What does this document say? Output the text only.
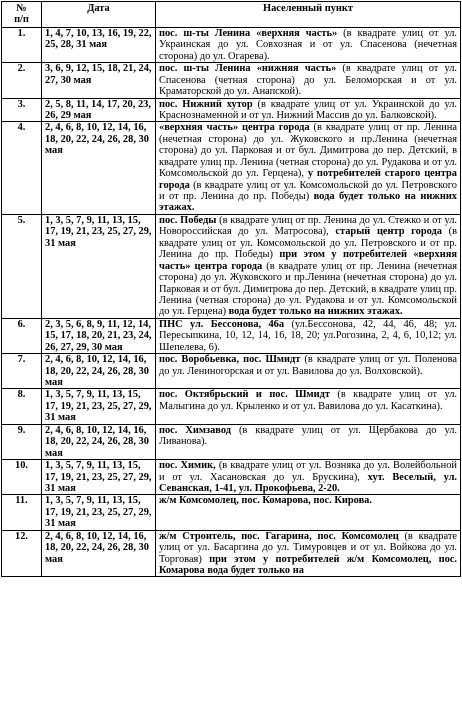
№
п/п	Дата	Населенный пункт
1.	1, 4, 7, 10, 13, 16, 19, 22, 25, 28, 31 мая	пос. ш-ты Ленина «верхняя часть» (в квадрате улиц от ул. Украинская до ул. Совхозная и от ул. Спасенова (нечетная сторона) до ул. Огарева).
2.	3, 6, 9, 12, 15, 18, 21, 24, 27, 30 мая	пос. ш-ты Ленина «нижняя часть» (в квадрате улиц от ул. Спасенова (четная сторона) до ул. Беломорская и от ул. Краматорской до ул. Анапской).
3.	2, 5, 8, 11, 14, 17, 20, 23, 26, 29 мая	пос. Нижний хутор (в квадрате улиц от ул. Украинской до ул. Краснознаменной и от ул. Нижний Массив до ул. Балковской).
4.	2, 4, 6, 8, 10, 12, 14, 16, 18, 20, 22, 24, 26, 28, 30 мая	«верхняя часть» центра города (в квадрате улиц от пр. Ленина (нечетная сторона) до ул. Жуковского и пр.Ленина (нечетная сторона) до ул. Парковая и от бул. Димитрова до пер. Детский, в квадрате улиц пр. Ленина (четная сторона) до ул. Рудакова и от ул. Комсомольской до ул. Герцена), у потребителей старого центра города (в квадрате улиц от ул. Комсомольской до ул. Петровского и от пр. Ленина до пр. Победы) вода будет только на нижних этажах.
5.	1, 3, 5, 7, 9, 11, 13, 15, 17, 19, 21, 23, 25, 27, 29, 31 мая	пос. Победы (в квадрате улиц от пр. Ленина до ул. Стежко и от ул. Новороссийская до ул. Матросова), старый центр города (в квадрате улиц от ул. Комсомольской до ул. Петровского и от пр. Ленина до пр. Победы) при этом у потребителей «верхняя часть» центра города (в квадрате улиц от пр. Ленина (нечетная сторона) до ул. Жуковского и пр.Ленина (нечетная сторона) до ул. Парковая и от бул. Димитрова до пер. Детский, в квадрате улиц пр. Ленина (четная сторона) до ул. Рудакова и от ул. Комсомольской до ул. Герцена) вода будет только на нижних этажах.
6.	2, 3, 5, 6, 8, 9, 11, 12, 14, 15, 17, 18, 20, 21, 23, 24, 26, 27, 29, 30 мая	ПНС ул. Бессонова, 46а (ул.Бессонова, 42, 44, 46, 48; ул. Пересыпкина, 10, 12, 14, 16, 18, 20; ул.Рогозина, 2, 4, 6, 10,12; ул. Шепелева, 6).
7.	2, 4, 6, 8, 10, 12, 14, 16, 18, 20, 22, 24, 26, 28, 30 мая	пос. Воробьевка, пос. Шмидт (в квадрате улиц от ул. Поленова до ул. Лениногорская и от ул. Вавилова до ул. Волховской).
8.	1, 3, 5, 7, 9, 11, 13, 15, 17, 19, 21, 23, 25, 27, 29, 31 мая	пос. Октябрьский и пос. Шмидт (в квадрате улиц от ул. Малыгина до ул. Крыленко и от ул. Вавилова до ул. Касаткина).
9.	2, 4, 6, 8, 10, 12, 14, 16, 18, 20, 22, 24, 26, 28, 30 мая	пос. Химзавод (в квадрате улиц от ул. Щербакова до ул. Ливанова).
10.	1, 3, 5, 7, 9, 11, 13, 15, 17, 19, 21, 23, 25, 27, 29, 31 мая	пос. Химик, (в квадрате улиц от ул. Возняка до ул. Волейбольной и от ул. Хасановская до ул. Брускина), хут. Веселый, ул. Севанская, 1-41, ул. Прокофьева, 2-20.
11.	1, 3, 5, 7, 9, 11, 13, 15, 17, 19, 21, 23, 25, 27, 29, 31 мая	ж/м Комсомолец, пос. Комарова, пос. Кирова.
12.	2, 4, 6, 8, 10, 12, 14, 16, 18, 20, 22, 24, 26, 28, 30 мая	ж/м Строитель, пос. Гагарина, пос. Комсомолец (в квадрате улиц от ул. Басаргина до ул. Тимуровцев и от ул. Войкова до ул. Торговая) при этом у потребителей ж/м Комсомолец, пос. Комарова вода будет только на
